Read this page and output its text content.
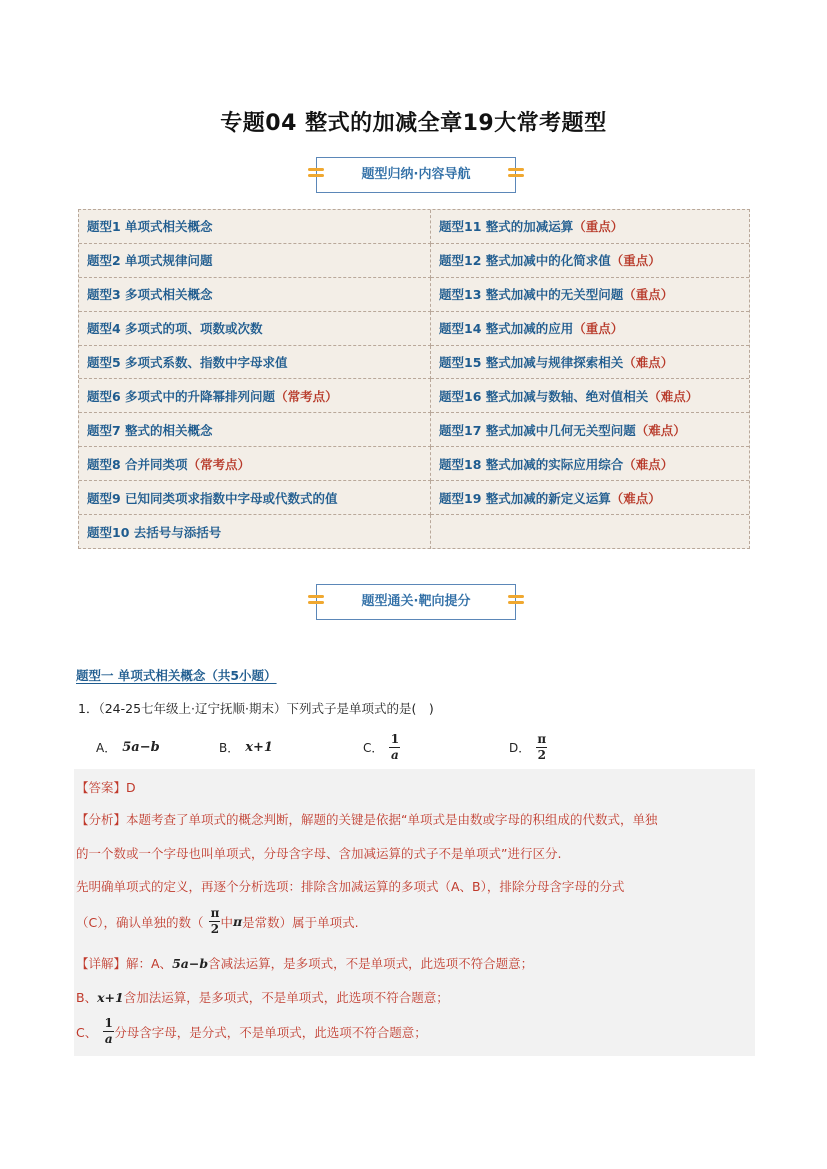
专题04 整式的加减全章19大常考题型
题型归纳·内容导航
题型1 单项式相关概念	题型11 整式的加减运算 （重点）
题型2 单项式规律问题	题型12 整式加减中的化简求值 （重点）
题型3 多项式相关概念	题型13 整式加减中的无关型问题 （重点）
题型4 多项式的项、项数或次数	题型14 整式加减的应用 （重点）
题型5 多项式系数、指数中字母求值	题型15 整式加减与规律探索相关 （难点）
题型6 多项式中的升降幂排列问题 （常考点）	题型16 整式加减与数轴、绝对值相关 （难点）
题型7 整式的相关概念	题型17 整式加减中几何无关型问题 （难点）
题型8 合并同类项 （常考点）	题型18 整式加减的实际应用综合 （难点）
题型9 已知同类项求指数中字母或代数式的值	题型19 整式加减的新定义运算 （难点）
题型10 去括号与添括号
题型通关·靶向提分
题型一 单项式相关概念（共5小题）
1．（24-25七年级上·辽宁抚顺·期末）下列式子是单项式的是(　)
A． 5a−b	B． x+1	C． $\frac{1}{a}$	D． $\frac{\pi}{2}$
【答案】D
【分析】本题考查了单项式的概念判断，解题的关键是依据“单项式是由数或字母的积组成的代数式，单独
的一个数或一个字母也叫单项式，分母含字母、含加减运算的式子不是单项式”进行区分.
先明确单项式的定义，再逐个分析选项：排除含加减运算的多项式（A、B），排除分母含字母的分式
（C），确认单独的数（ $\frac{\pi}{2}$ 中 π 是常数）属于单项式.
【详解】解：A、5a−b含减法运算，是多项式，不是单项式，此选项不符合题意；
B、x+1含加法运算，是多项式，不是单项式，此选项不符合题意；
C、 $\frac{1}{a}$ 分母含字母，是分式，不是单项式，此选项不符合题意；
